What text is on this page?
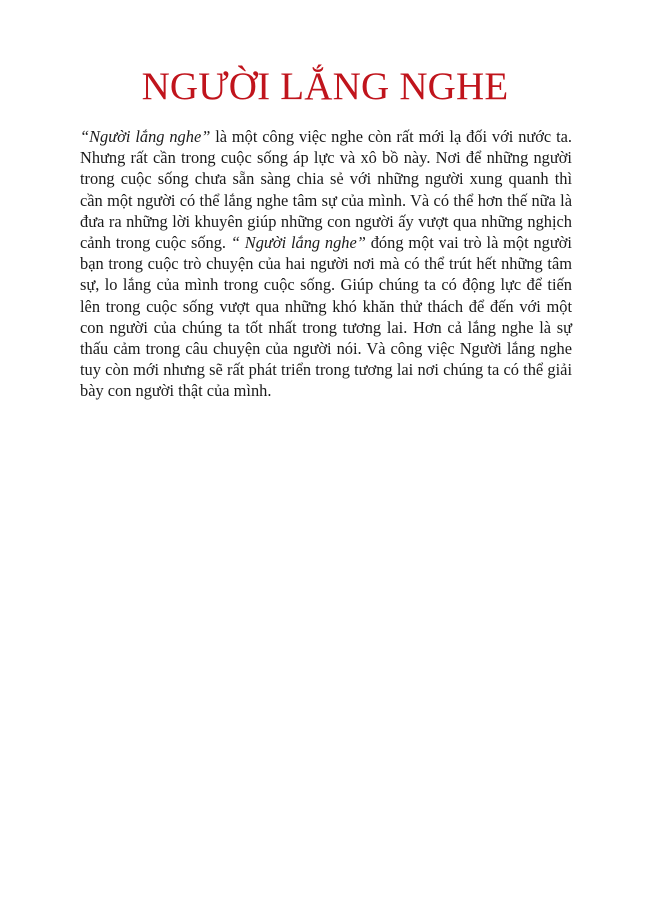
NGƯỜI LẮNG NGHE

“Người lắng nghe” là một công việc nghe còn rất mới lạ đối với nước ta. Nhưng rất cần trong cuộc sống áp lực và xô bồ này. Nơi để những người trong cuộc sống chưa sẵn sàng chia sẻ với những người xung quanh thì cần một người có thể lắng nghe tâm sự của mình. Và có thể hơn thế nữa là đưa ra những lời khuyên giúp những con người ấy vượt qua những nghịch cảnh trong cuộc sống. “ Người lắng nghe” đóng một vai trò là một người bạn trong cuộc trò chuyện của hai người nơi mà có thể trút hết những tâm sự, lo lắng của mình trong cuộc sống. Giúp chúng ta có động lực để tiến lên trong cuộc sống vượt qua những khó khăn thử thách để đến với một con người của chúng ta tốt nhất trong tương lai. Hơn cả lắng nghe là sự thấu cảm trong câu chuyện của người nói. Và công việc Người lắng nghe tuy còn mới nhưng sẽ rất phát triển trong tương lai nơi chúng ta có thể giải bày con người thật của mình.
